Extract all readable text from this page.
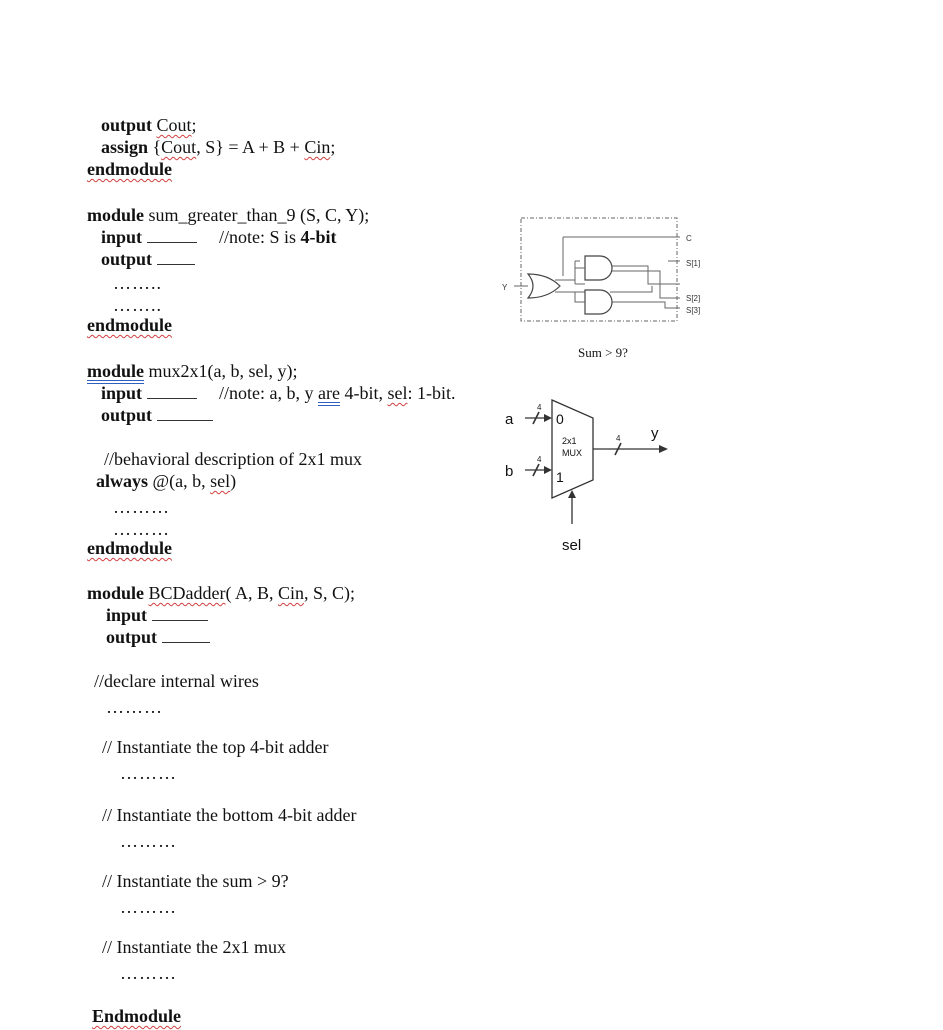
output Cout;
assign {Cout, S} = A + B + Cin;
endmodule
module sum_greater_than_9 (S, C, Y);
input	//note: S is 4-bit
output
……..
……..
endmodule
module mux2x1(a, b, sel, y);
input	//note: a, b, y are 4-bit, sel: 1-bit.
output
//behavioral description of 2x1 mux
always @(a, b, sel)
………
………
endmodule
module BCDadder( A, B, Cin, S, C);
input
output
//declare internal wires
………
// Instantiate the top 4-bit adder
………
// Instantiate the bottom 4-bit adder
………
// Instantiate the sum > 9?
………
// Instantiate the 2x1 mux
………
Endmodule
C
S[1]
S[2]
S[3]
Y
Sum > 9?
4
4
4
a
b
y
sel
0
1
2x1
MUX
